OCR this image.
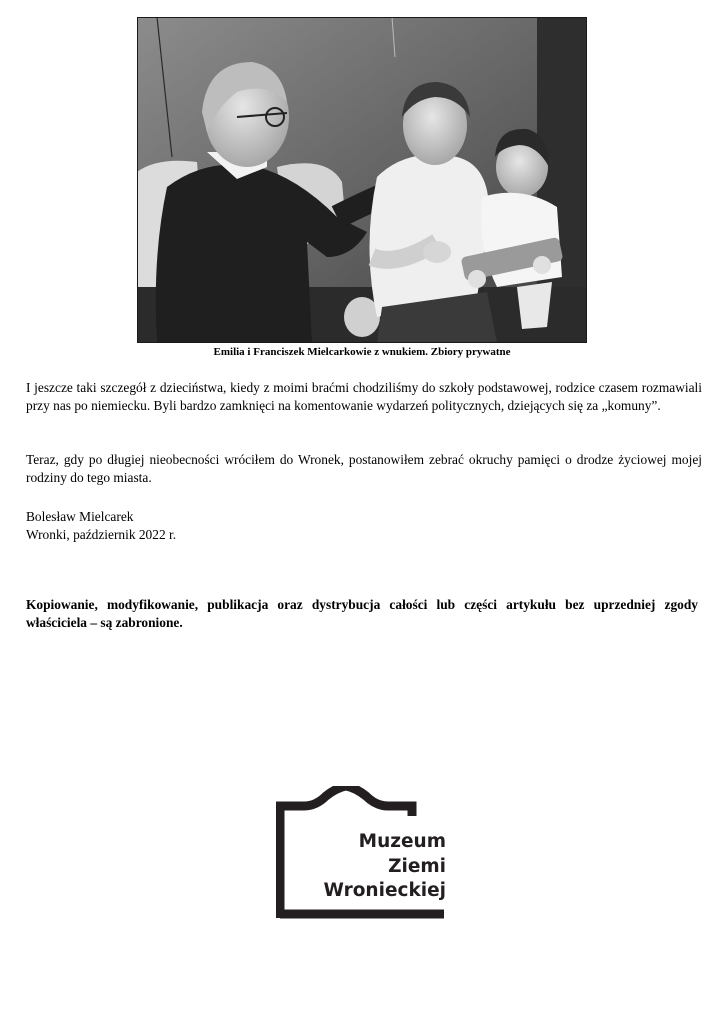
Emilia i Franciszek Mielcarkowie z wnukiem. Zbiory prywatne

I jeszcze taki szczegół z dzieciństwa, kiedy z moimi braćmi chodziliśmy do szkoły podstawowej, rodzice czasem rozmawiali przy nas po niemiecku. Byli bardzo zamknięci na komentowanie wydarzeń politycznych, dziejących się za „komuny”.

Teraz, gdy po długiej nieobecności wróciłem do Wronek, postanowiłem zebrać okruchy pamięci o drodze życiowej mojej rodziny do tego miasta.

Bolesław Mielcarek
Wronki, październik 2022 r.

Kopiowanie, modyfikowanie, publikacja oraz dystrybucja całości lub części artykułu bez uprzedniej zgody właściciela – są zabronione.

Muzeum
Ziemi
Wronieckiej
